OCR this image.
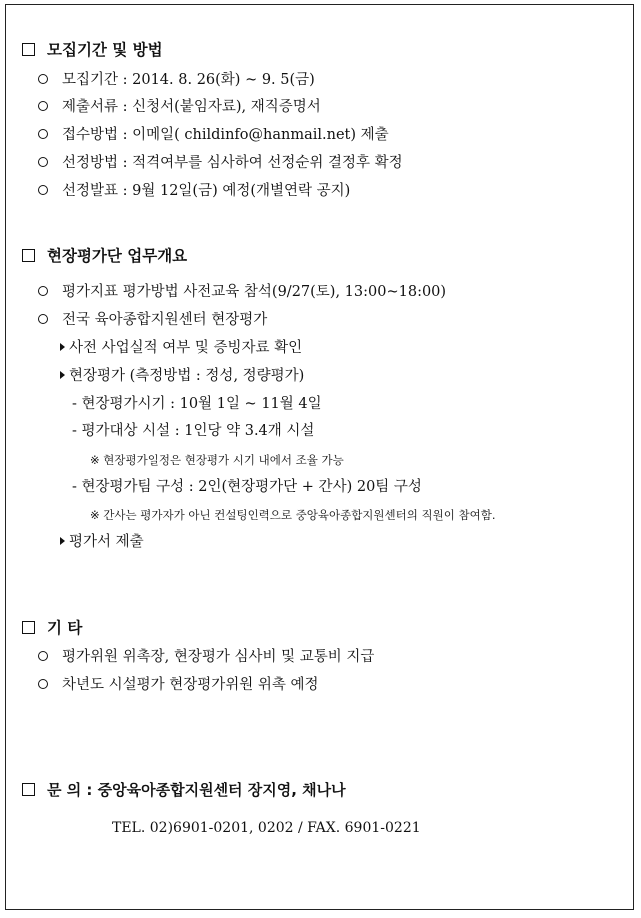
모집기간 및 방법
모집기간 : 2014. 8. 26(화) ~ 9. 5(금)
제출서류 : 신청서(붙임자료), 재직증명서
접수방법 : 이메일( childinfo@hanmail.net) 제출
선정방법 : 적격여부를 심사하여 선정순위 결정후 확정
선정발표 : 9월 12일(금) 예정(개별연락 공지)
현장평가단 업무개요
평가지표 평가방법 사전교육 참석(9/27(토), 13:00~18:00)
전국 육아종합지원센터 현장평가
사전 사업실적 여부 및 증빙자료 확인
현장평가 (측정방법 : 정성, 정량평가)
- 현장평가시기 : 10월 1일 ~ 11월 4일
- 평가대상 시설 : 1인당 약 3.4개 시설
※ 현장평가일정은 현장평가 시기 내에서 조율 가능
- 현장평가팀 구성 : 2인(현장평가단 + 간사) 20팀 구성
※ 간사는 평가자가 아닌 컨설팅인력으로 중앙육아종합지원센터의 직원이 참여함.
평가서 제출
기 타
평가위원 위촉장, 현장평가 심사비 및 교통비 지급
차년도 시설평가 현장평가위원 위촉 예정
문 의 : 중앙육아종합지원센터 장지영, 채나나
TEL. 02)6901-0201, 0202 / FAX. 6901-0221
